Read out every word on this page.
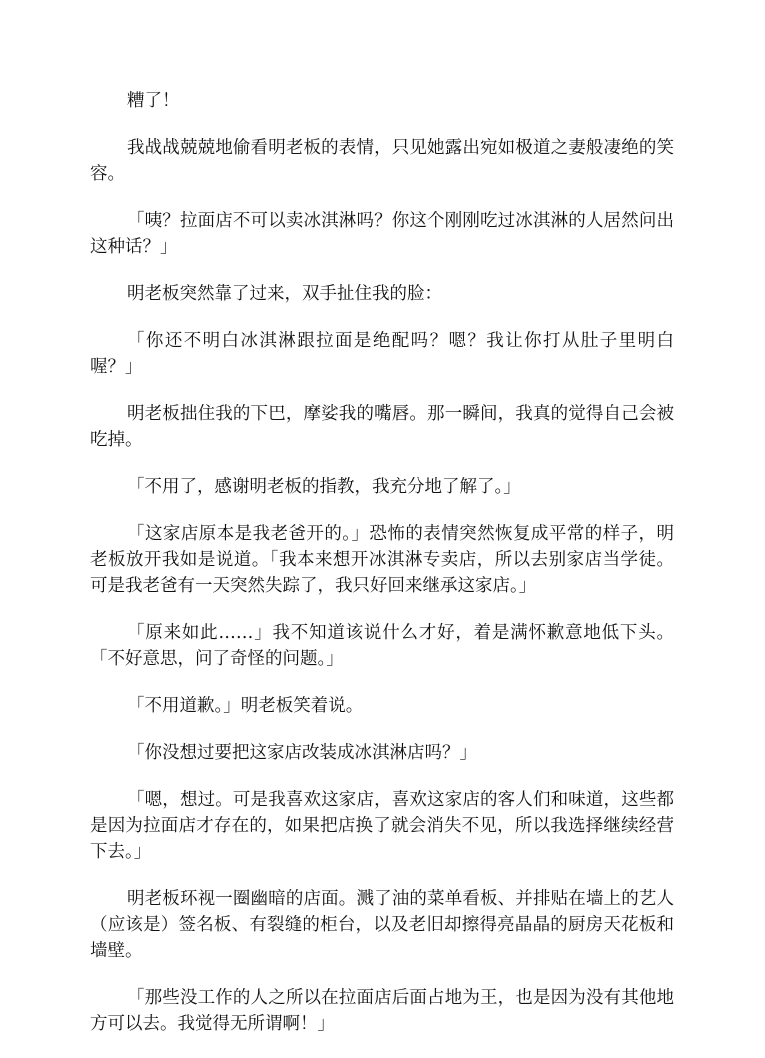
糟了！

我战战兢兢地偷看明老板的表情，只见她露出宛如极道之妻般凄绝的笑容。

「咦？拉面店不可以卖冰淇淋吗？你这个刚刚吃过冰淇淋的人居然问出这种话？」

明老板突然靠了过来，双手扯住我的脸：

「你还不明白冰淇淋跟拉面是绝配吗？嗯？我让你打从肚子里明白喔？」

明老板拙住我的下巴，摩娑我的嘴唇。那一瞬间，我真的觉得自己会被吃掉。

「不用了，感谢明老板的指教，我充分地了解了。」

「这家店原本是我老爸开的。」恐怖的表情突然恢复成平常的样子，明老板放开我如是说道。「我本来想开冰淇淋专卖店，所以去别家店当学徒。可是我老爸有一天突然失踪了，我只好回来继承这家店。」

「原来如此……」我不知道该说什么才好，着是满怀歉意地低下头。「不好意思，问了奇怪的问题。」

「不用道歉。」明老板笑着说。

「你没想过要把这家店改装成冰淇淋店吗？」

「嗯，想过。可是我喜欢这家店，喜欢这家店的客人们和味道，这些都是因为拉面店才存在的，如果把店换了就会消失不见，所以我选择继续经营下去。」

明老板环视一圈幽暗的店面。溅了油的菜单看板、并排贴在墙上的艺人（应该是）签名板、有裂缝的柜台，以及老旧却擦得亮晶晶的厨房天花板和墙壁。

「那些没工作的人之所以在拉面店后面占地为王，也是因为没有其他地方可以去。我觉得无所谓啊！」
